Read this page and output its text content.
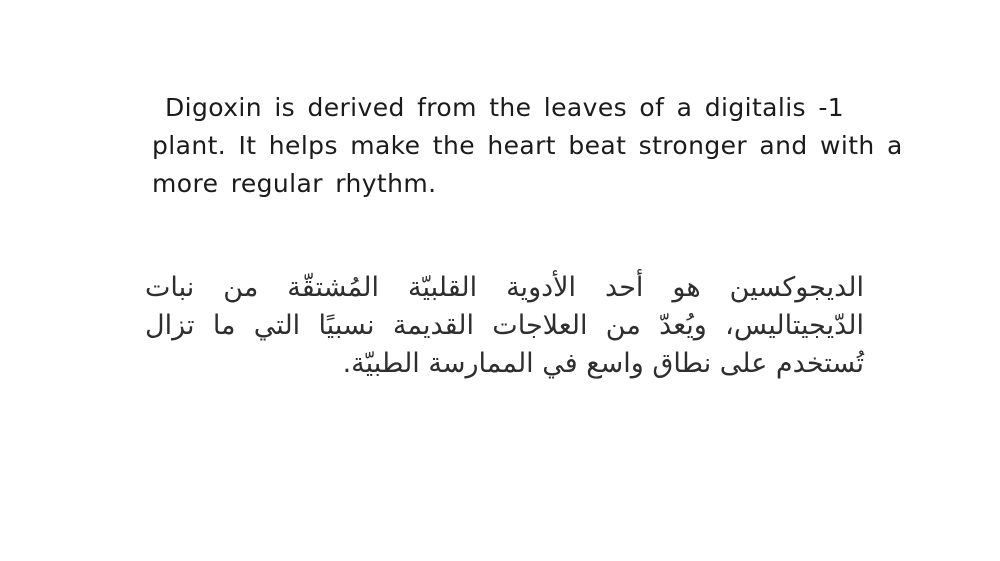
Digoxin is derived from the leaves of a digitalis -1
plant. It helps make the heart beat stronger and with a
more regular rhythm.
الديجوكسين هو أحد الأدوية القلبيّة المُشتقّة من نبات
الدّيجيتاليس، ويُعدّ من العلاجات القديمة نسبيًا التي ما تزال
تُستخدم على نطاق واسع في الممارسة الطبيّة.
